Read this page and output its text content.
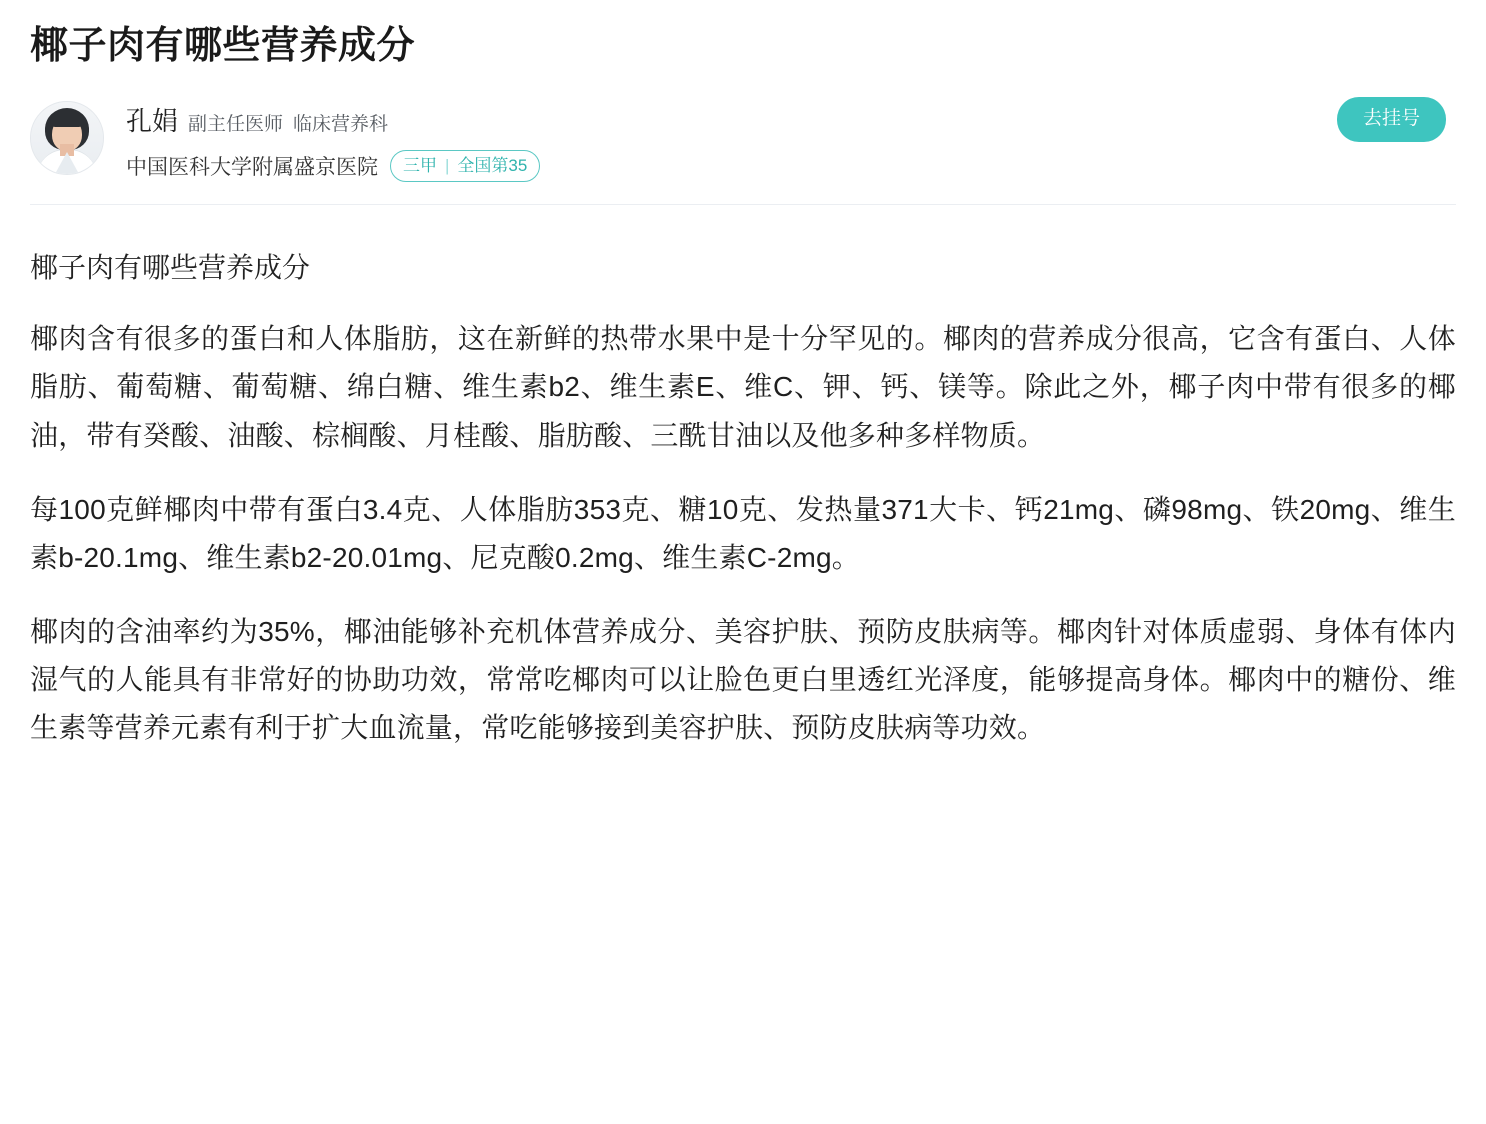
椰子肉有哪些营养成分
孔娟 副主任医师 临床营养科
中国医科大学附属盛京医院 三甲 | 全国第35
去挂号
椰子肉有哪些营养成分

椰肉含有很多的蛋白和人体脂肪，这在新鲜的热带水果中是十分罕见的。椰肉的营养成分很高，它含有蛋白、人体脂肪、葡萄糖、葡萄糖、绵白糖、维生素b2、维生素E、维C、钾、钙、镁等。除此之外，椰子肉中带有很多的椰油，带有癸酸、油酸、棕榈酸、月桂酸、脂肪酸、三酰甘油以及他多种多样物质。

每100克鲜椰肉中带有蛋白3.4克、人体脂肪353克、糖10克、发热量371大卡、钙21mg、磷98mg、铁20mg、维生素b-20.1mg、维生素b2-20.01mg、尼克酸0.2mg、维生素C-2mg。

椰肉的含油率约为35%，椰油能够补充机体营养成分、美容护肤、预防皮肤病等。椰肉针对体质虚弱、身体有体内湿气的人能具有非常好的协助功效，常常吃椰肉可以让脸色更白里透红光泽度，能够提高身体。椰肉中的糖份、维生素等营养元素有利于扩大血流量，常吃能够接到美容护肤、预防皮肤病等功效。
